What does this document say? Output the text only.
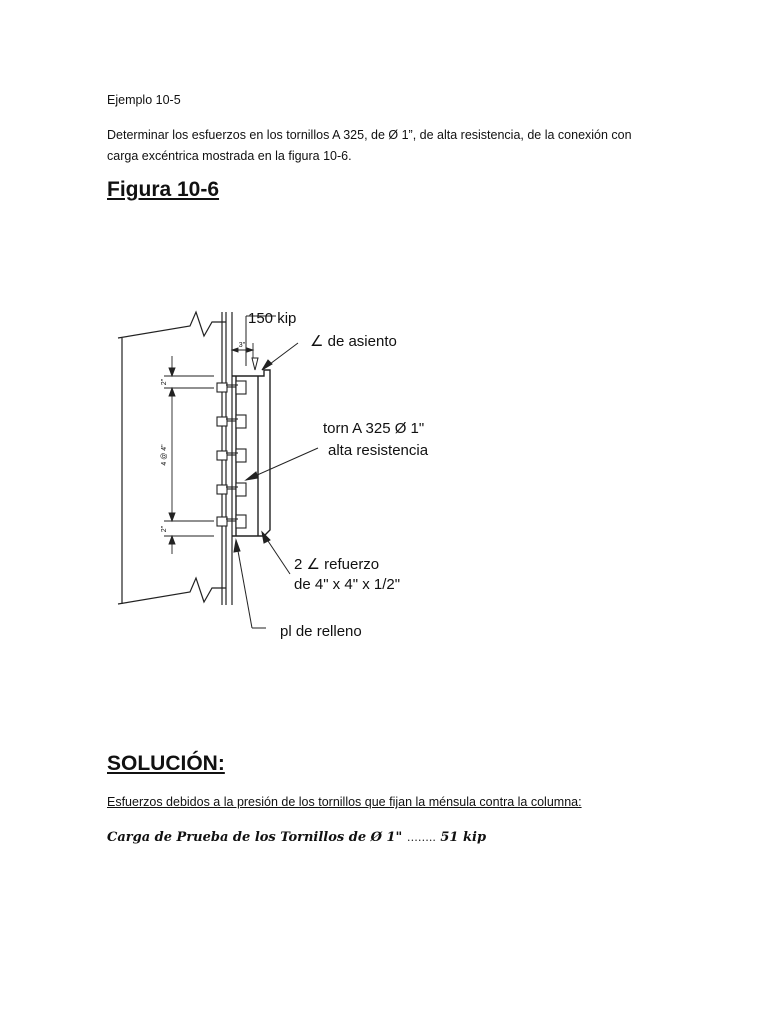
Ejemplo 10-5

Determinar los esfuerzos en los tornillos A 325, de Ø 1”, de alta resistencia, de la conexión con
carga excéntrica mostrada en la figura 10-6.

Figura 10-6

2"
4 @ 4"
2"
3"
150 kip
∠ de asiento
torn A 325 Ø 1"
alta resistencia
2 ∠ refuerzo
de 4" x 4" x 1/2"
pl de relleno

SOLUCIÓN:

Esfuerzos debidos a la presión de los tornillos que fijan la ménsula contra la columna:

Carga de Prueba de los Tornillos de Ø 1" …….. 51 kip
